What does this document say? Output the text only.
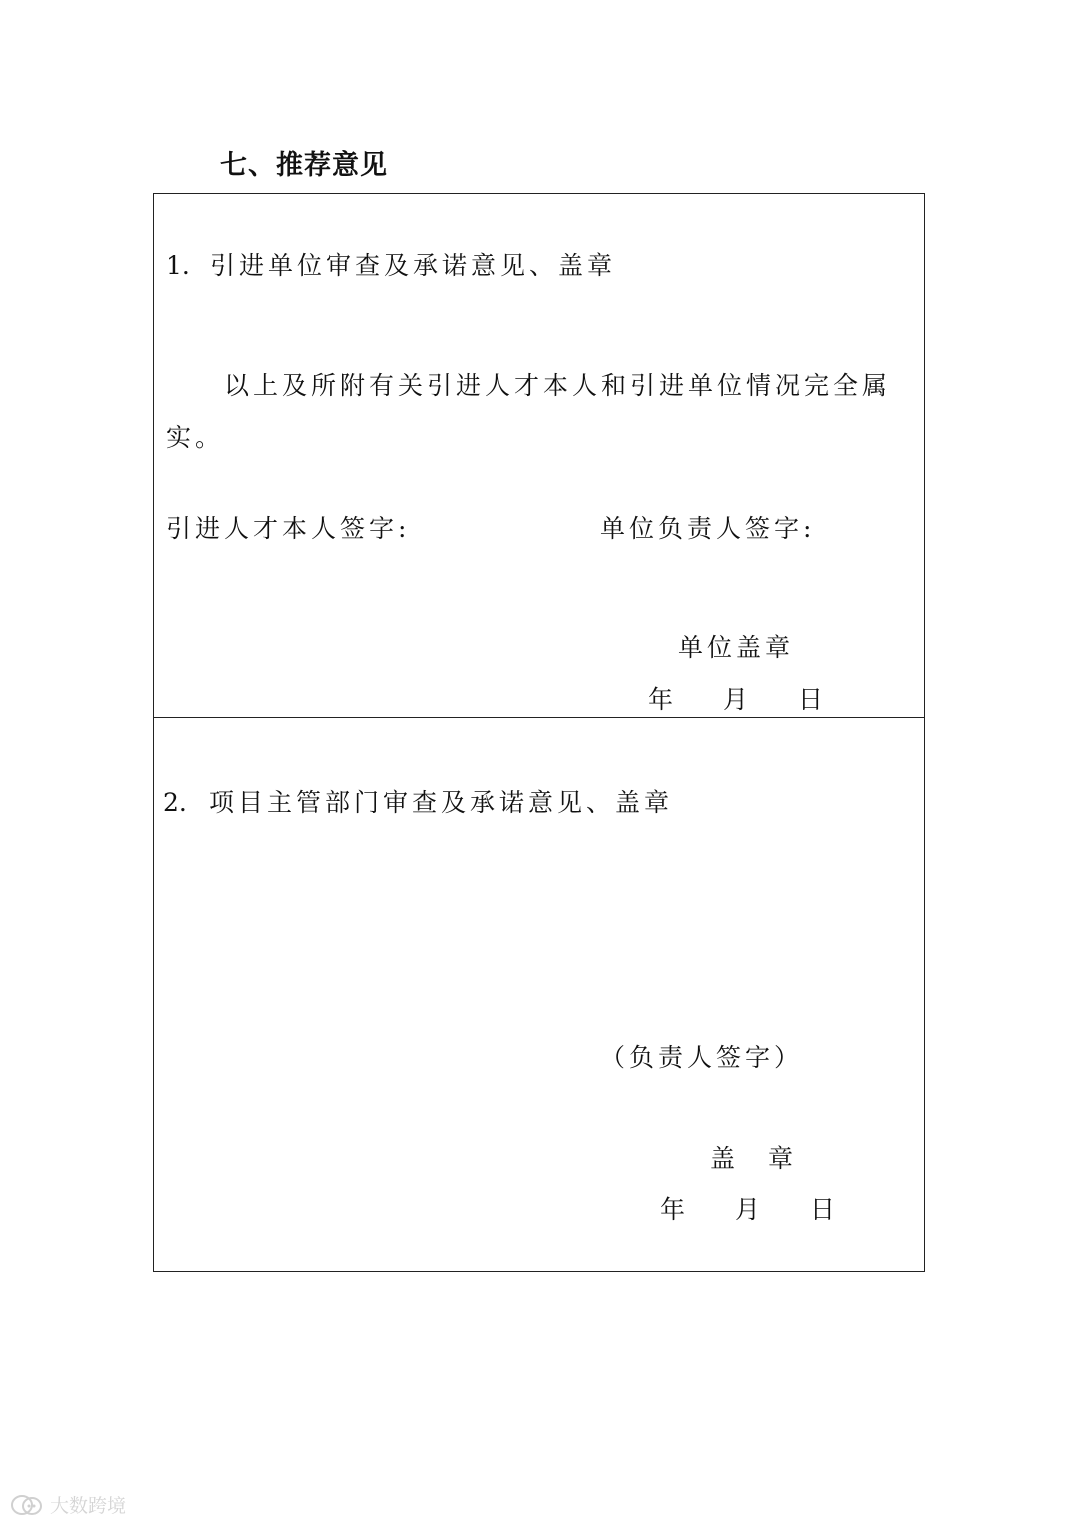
七、推荐意见
1. 引进单位审查及承诺意见、盖章
以上及所附有关引进人才本人和引进单位情况完全属
实。
引进人才本人签字:	单位负责人签字:
单位盖章
年 月 日
2. 项目主管部门审查及承诺意见、盖章
（负责人签字）
盖　章
年 月 日
大数跨境
